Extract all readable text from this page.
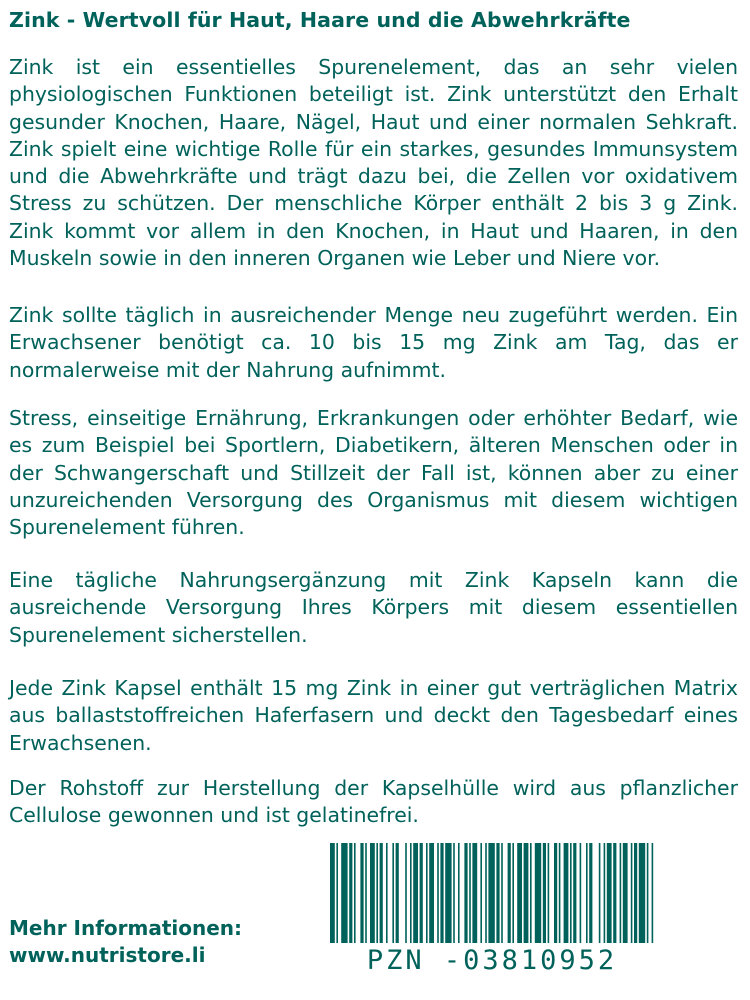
Zink - Wertvoll für Haut, Haare und die Abwehrkräfte
Zink ist ein essentielles Spurenelement, das an sehr vielen physiologischen Funktionen beteiligt ist. Zink unterstützt den Erhalt gesunder Knochen, Haare, Nägel, Haut und einer normalen Sehkraft. Zink spielt eine wichtige Rolle für ein starkes, gesundes Immunsystem und die Abwehrkräfte und trägt dazu bei, die Zellen vor oxidativem Stress zu schützen. Der menschliche Körper enthält 2 bis 3 g Zink. Zink kommt vor allem in den Knochen, in Haut und Haaren, in den Muskeln sowie in den inneren Organen wie Leber und Niere vor.
Zink sollte täglich in ausreichender Menge neu zugeführt werden. Ein Erwachsener benötigt ca. 10 bis 15 mg Zink am Tag, das er normalerweise mit der Nahrung aufnimmt.
Stress, einseitige Ernährung, Erkrankungen oder erhöhter Bedarf, wie es zum Beispiel bei Sportlern, Diabetikern, älteren Menschen oder in der Schwangerschaft und Stillzeit der Fall ist, können aber zu einer unzureichenden Versorgung des Organismus mit diesem wichtigen Spurenelement führen.
Eine tägliche Nahrungsergänzung mit Zink Kapseln kann die ausreichende Versorgung Ihres Körpers mit diesem essentiellen Spurenelement sicherstellen.
Jede Zink Kapsel enthält 15 mg Zink in einer gut verträglichen Matrix aus ballaststoffreichen Haferfasern und deckt den Tagesbedarf eines Erwachsenen.
Der Rohstoff zur Herstellung der Kapselhülle wird aus pflanzlicher Cellulose gewonnen und ist gelatinefrei.
Mehr Informationen:
www.nutristore.li	PZN -03810952
